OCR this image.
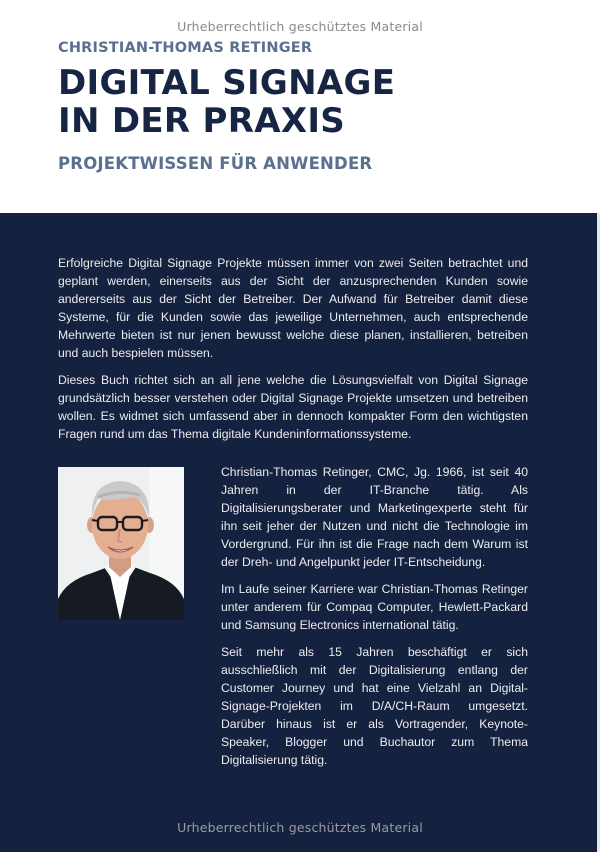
Urheberrechtlich geschütztes Material
CHRISTIAN-THOMAS RETINGER
DIGITAL SIGNAGE
IN DER PRAXIS
PROJEKTWISSEN FÜR ANWENDER

Erfolgreiche Digital Signage Projekte müssen immer von zwei Seiten betrachtet und geplant werden, einerseits aus der Sicht der anzusprechenden Kunden sowie andererseits aus der Sicht der Betreiber. Der Aufwand für Betreiber damit diese Systeme, für die Kunden sowie das jeweilige Unternehmen, auch entsprechende Mehrwerte bieten ist nur jenen bewusst welche diese planen, installieren, betreiben und auch bespielen müssen.

Dieses Buch richtet sich an all jene welche die Lösungsvielfalt von Digital Signage grundsätzlich besser verstehen oder Digital Signage Projekte umsetzen und betreiben wollen. Es widmet sich umfassend aber in dennoch kompakter Form den wichtigsten Fragen rund um das Thema digitale Kundeninformationssysteme.

Christian-Thomas Retinger, CMC, Jg. 1966, ist seit 40 Jahren in der IT-Branche tätig. Als Digitalisierungsberater und Marketingexperte steht für ihn seit jeher der Nutzen und nicht die Technologie im Vordergrund. Für ihn ist die Frage nach dem Warum ist der Dreh- und Angelpunkt jeder IT-Entscheidung.

Im Laufe seiner Karriere war Christian-Thomas Retinger unter anderem für Compaq Computer, Hewlett-Packard und Samsung Electronics international tätig.

Seit mehr als 15 Jahren beschäftigt er sich ausschließlich mit der Digitalisierung entlang der Customer Journey und hat eine Vielzahl an Digital-Signage-Projekten im D/A/CH-Raum umgesetzt. Darüber hinaus ist er als Vortragender, Keynote-Speaker, Blogger und Buchautor zum Thema Digitalisierung tätig.

Urheberrechtlich geschütztes Material
